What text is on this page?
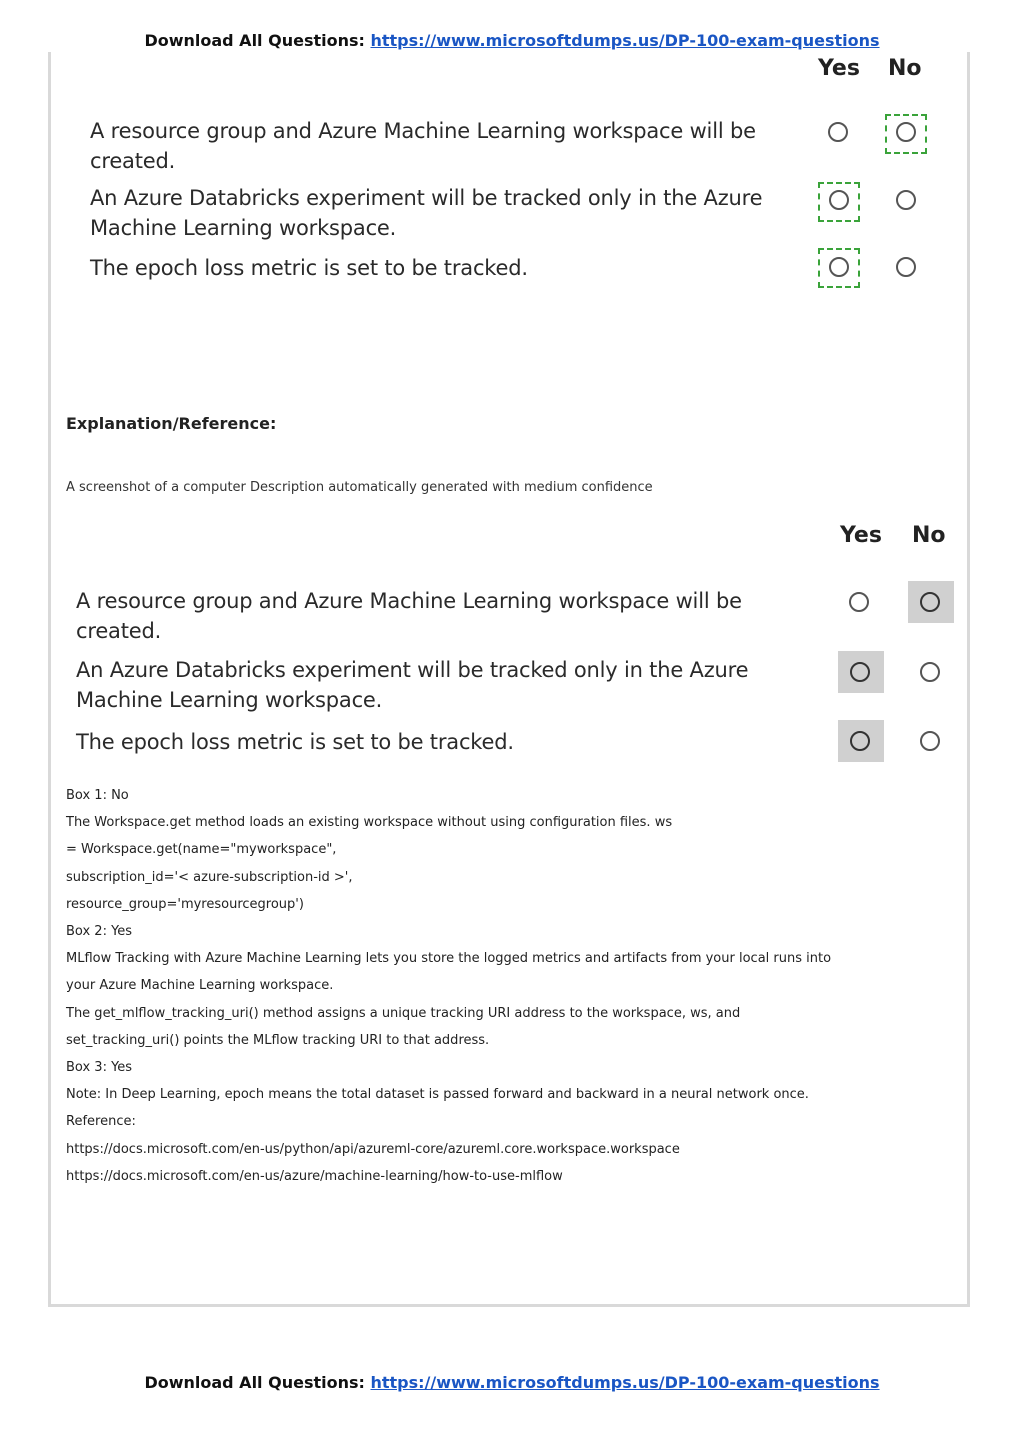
Download All Questions: https://www.microsoftdumps.us/DP-100-exam-questions
Yes No
A resource group and Azure Machine Learning workspace will be
created.
An Azure Databricks experiment will be tracked only in the Azure
Machine Learning workspace.
The epoch loss metric is set to be tracked.
Explanation/Reference:
A screenshot of a computer Description automatically generated with medium confidence
Yes No
A resource group and Azure Machine Learning workspace will be
created.
An Azure Databricks experiment will be tracked only in the Azure
Machine Learning workspace.
The epoch loss metric is set to be tracked.
Box 1: No
The Workspace.get method loads an existing workspace without using configuration files. ws
= Workspace.get(name="myworkspace",
subscription_id='< azure-subscription-id >',
resource_group='myresourcegroup')
Box 2: Yes
MLflow Tracking with Azure Machine Learning lets you store the logged metrics and artifacts from your local runs into
your Azure Machine Learning workspace.
The get_mlflow_tracking_uri() method assigns a unique tracking URI address to the workspace, ws, and
set_tracking_uri() points the MLflow tracking URI to that address.
Box 3: Yes
Note: In Deep Learning, epoch means the total dataset is passed forward and backward in a neural network once.
Reference:
https://docs.microsoft.com/en-us/python/api/azureml-core/azureml.core.workspace.workspace
https://docs.microsoft.com/en-us/azure/machine-learning/how-to-use-mlflow
Download All Questions: https://www.microsoftdumps.us/DP-100-exam-questions
